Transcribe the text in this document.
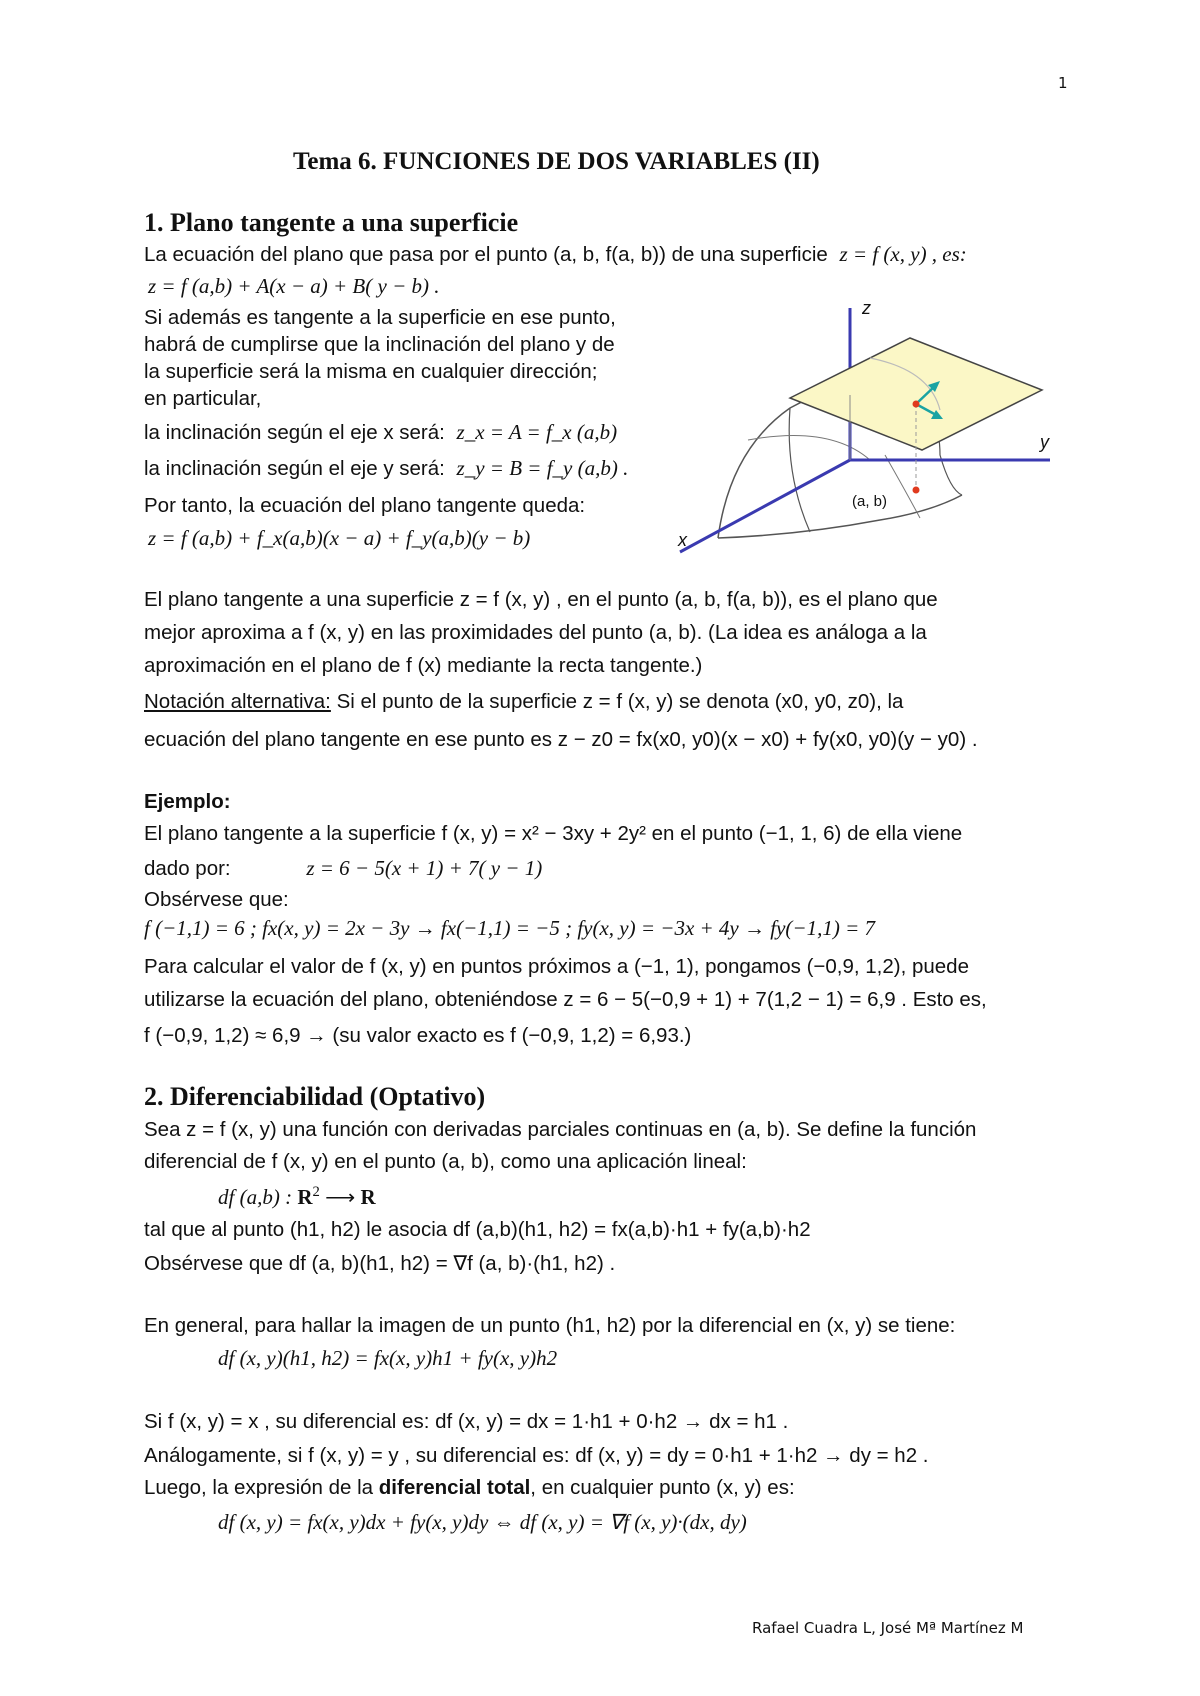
1
Tema 6. FUNCIONES DE DOS VARIABLES (II)
1. Plano tangente a una superficie
La ecuación del plano que pasa por el punto (a, b, f(a, b)) de una superficie z = f (x, y) , es:
z = f (a,b) + A(x − a) + B( y − b) .
Si además es tangente a la superficie en ese punto,
habrá de cumplirse que la inclinación del plano y de
la superficie será la misma en cualquier dirección;
en particular,
la inclinación según el eje x será: z_x = A = f_x (a,b)
la inclinación según el eje y será: z_y = B = f_y (a,b) .
Por tanto, la ecuación del plano tangente queda:
z = f (a,b) + f_x(a,b)(x − a) + f_y(a,b)(y − b)
z
y
x
(a, b)
El plano tangente a una superficie z = f (x, y) , en el punto (a, b, f(a, b)), es el plano que
mejor aproxima a f (x, y) en las proximidades del punto (a, b). (La idea es análoga a la
aproximación en el plano de f (x) mediante la recta tangente.)
Notación alternativa: Si el punto de la superficie z = f (x, y) se denota (x0, y0, z0), la
ecuación del plano tangente en ese punto es z − z0 = fx(x0, y0)(x − x0) + fy(x0, y0)(y − y0) .
Ejemplo:
El plano tangente a la superficie f (x, y) = x² − 3xy + 2y² en el punto (−1, 1, 6) de ella viene
dado por:	z = 6 − 5(x + 1) + 7( y − 1)
Obsérvese que:
f (−1,1) = 6 ; fx(x, y) = 2x − 3y → fx(−1,1) = −5 ; fy(x, y) = −3x + 4y → fy(−1,1) = 7
Para calcular el valor de f (x, y) en puntos próximos a (−1, 1), pongamos (−0,9, 1,2), puede
utilizarse la ecuación del plano, obteniéndose z = 6 − 5(−0,9 + 1) + 7(1,2 − 1) = 6,9 . Esto es,
f (−0,9, 1,2) ≈ 6,9 → (su valor exacto es f (−0,9, 1,2) = 6,93.)
2. Diferenciabilidad (Optativo)
Sea z = f (x, y) una función con derivadas parciales continuas en (a, b). Se define la función
diferencial de f (x, y) en el punto (a, b), como una aplicación lineal:
df (a,b) : $R^2$ ⟶ R
tal que al punto (h1, h2) le asocia df (a,b)(h1, h2) = fx(a,b)·h1 + fy(a,b)·h2
Obsérvese que df (a, b)(h1, h2) = ∇f (a, b)·(h1, h2) .
En general, para hallar la imagen de un punto (h1, h2) por la diferencial en (x, y) se tiene:
df (x, y)(h1, h2) = fx(x, y)h1 + fy(x, y)h2
Si f (x, y) = x , su diferencial es: df (x, y) = dx = 1·h1 + 0·h2 → dx = h1 .
Análogamente, si f (x, y) = y , su diferencial es: df (x, y) = dy = 0·h1 + 1·h2 → dy = h2 .
Luego, la expresión de la diferencial total, en cualquier punto (x, y) es:
df (x, y) = fx(x, y)dx + fy(x, y)dy ⇔ df (x, y) = ∇f (x, y)·(dx, dy)
Rafael Cuadra L, José Mª Martínez M
